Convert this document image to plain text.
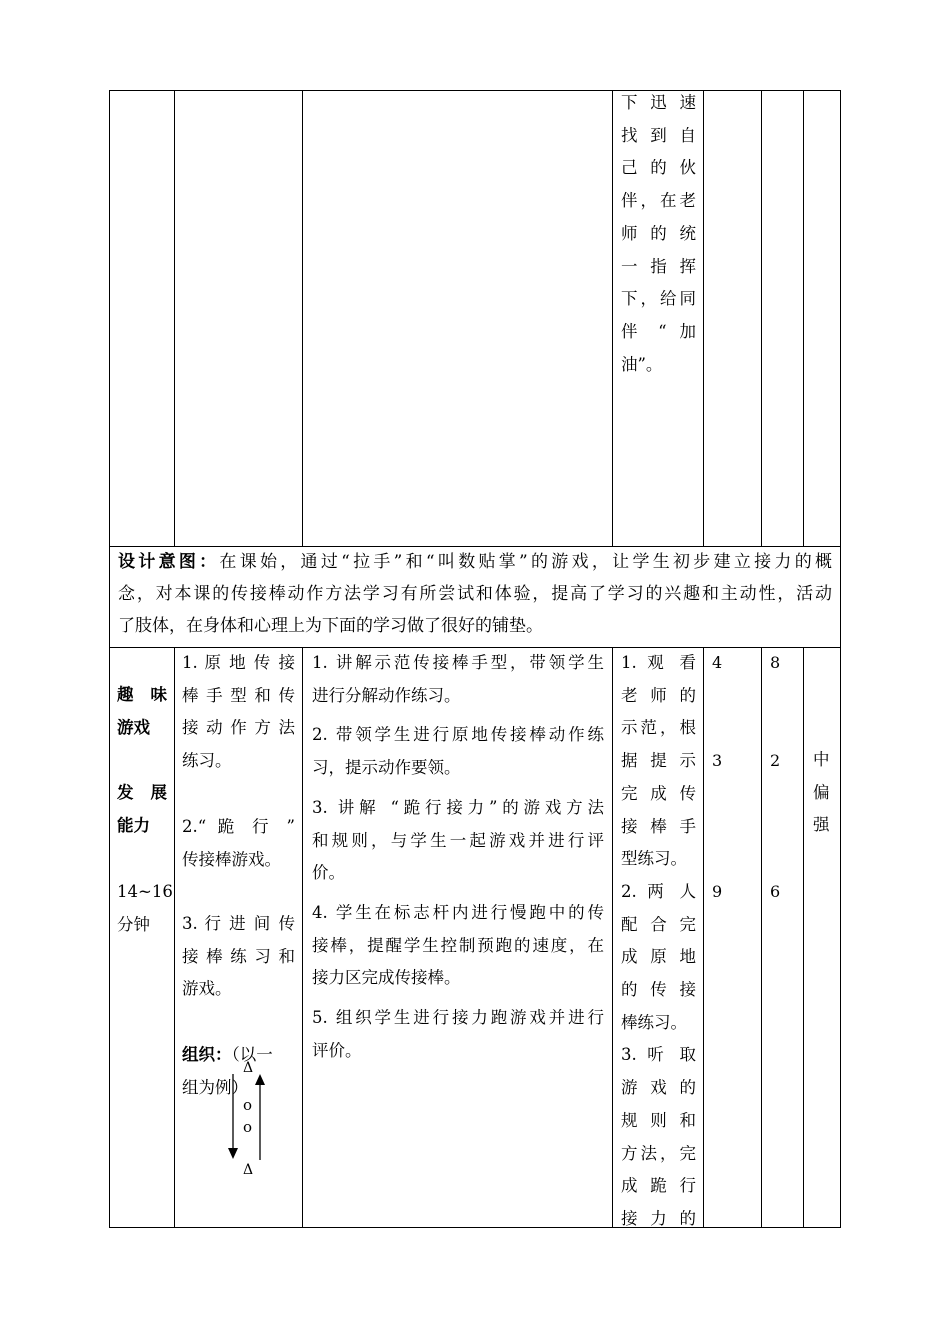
下 迅 速
找 到 自
己 的 伙
伴，在老
师 的 统
一 指 挥
下，给同
伴 “ 加
油”。
设计意图：在课始，通过“拉手”和“叫数贴掌”的游戏，让学生初步建立接力的概
念，对本课的传接棒动作方法学习有所尝试和体验，提高了学习的兴趣和主动性，活动
了肢体，在身体和心理上为下面的学习做了很好的铺垫。
趣 味
游戏
发 展
能力
14~16
分钟
1. 原 地 传 接
棒 手 型 和 传
接 动 作 方 法
练习。
2.“ 跪 行 ”
传接棒游戏。
3. 行 进 间 传
接 棒 练 习 和
游戏。
组织：（以一
组为例）
Δ
o
o
Δ
1. 讲解示范传接棒手型，带领学生
进行分解动作练习。
2. 带领学生进行原地传接棒动作练
习，提示动作要领。
3. 讲解 “跪行接力”的游戏方法
和规则，与学生一起游戏并进行评
价。
4. 学生在标志杆内进行慢跑中的传
接棒，提醒学生控制预跑的速度，在
接力区完成传接棒。
5. 组织学生进行接力跑游戏并进行
评价。
1. 观 看
老 师 的
示范，根
据 提 示
完 成 传
接 棒 手
型练习。
2. 两 人
配 合 完
成 原 地
的 传 接
棒练习。
3. 听 取
游 戏 的
规 则 和
方法，完
成 跪 行
接 力 的
4
3
9
8
2
6
中
偏
强
